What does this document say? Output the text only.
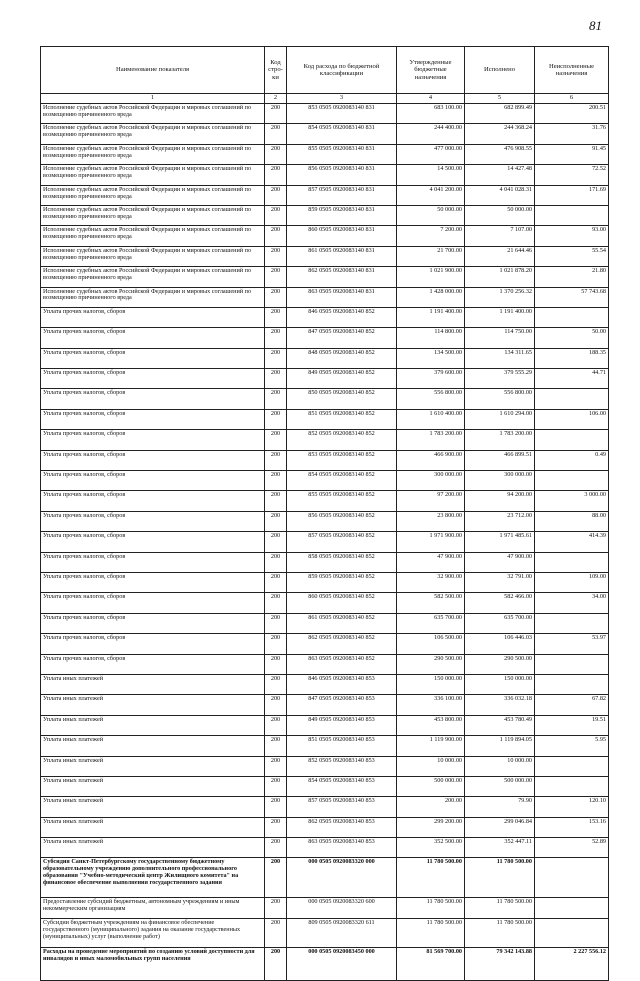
81
Наименование показателя	Код стро-ки	Код расхода по бюджетной классификации	Утвержденные бюджетные назначения	Исполнено	Неисполненные назначения
1	2	3	4	5	6
Исполнение судебных актов Российской Федерации и мировых соглашений по возмещению причиненного вреда	200	853 0505 0920083140 831	683 100.00	682 899.49	200.51
Исполнение судебных актов Российской Федерации и мировых соглашений по возмещению причиненного вреда	200	854 0505 0920083140 831	244 400.00	244 368.24	31.76
Исполнение судебных актов Российской Федерации и мировых соглашений по возмещению причиненного вреда	200	855 0505 0920083140 831	477 000.00	476 908.55	91.45
Исполнение судебных актов Российской Федерации и мировых соглашений по возмещению причиненного вреда	200	856 0505 0920083140 831	14 500.00	14 427.48	72.52
Исполнение судебных актов Российской Федерации и мировых соглашений по возмещению причиненного вреда	200	857 0505 0920083140 831	4 041 200.00	4 041 028.31	171.69
Исполнение судебных актов Российской Федерации и мировых соглашений по возмещению причиненного вреда	200	859 0505 0920083140 831	50 000.00	50 000.00	
Исполнение судебных актов Российской Федерации и мировых соглашений по возмещению причиненного вреда	200	860 0505 0920083140 831	7 200.00	7 107.00	93.00
Исполнение судебных актов Российской Федерации и мировых соглашений по возмещению причиненного вреда	200	861 0505 0920083140 831	21 700.00	21 644.46	55.54
Исполнение судебных актов Российской Федерации и мировых соглашений по возмещению причиненного вреда	200	862 0505 0920083140 831	1 021 900.00	1 021 878.20	21.80
Исполнение судебных актов Российской Федерации и мировых соглашений по возмещению причиненного вреда	200	863 0505 0920083140 831	1 428 000.00	1 370 256.32	57 743.68
Уплата прочих налогов, сборов	200	846 0505 0920083140 852	1 191 400.00	1 191 400.00	
Уплата прочих налогов, сборов	200	847 0505 0920083140 852	114 800.00	114 750.00	50.00
Уплата прочих налогов, сборов	200	848 0505 0920083140 852	134 500.00	134 311.65	188.35
Уплата прочих налогов, сборов	200	849 0505 0920083140 852	379 600.00	379 555.29	44.71
Уплата прочих налогов, сборов	200	850 0505 0920083140 852	556 800.00	556 800.00	
Уплата прочих налогов, сборов	200	851 0505 0920083140 852	1 610 400.00	1 610 294.00	106.00
Уплата прочих налогов, сборов	200	852 0505 0920083140 852	1 783 200.00	1 783 200.00	
Уплата прочих налогов, сборов	200	853 0505 0920083140 852	466 900.00	466 899.51	0.49
Уплата прочих налогов, сборов	200	854 0505 0920083140 852	300 000.00	300 000.00	
Уплата прочих налогов, сборов	200	855 0505 0920083140 852	97 200.00	94 200.00	3 000.00
Уплата прочих налогов, сборов	200	856 0505 0920083140 852	23 800.00	23 712.00	88.00
Уплата прочих налогов, сборов	200	857 0505 0920083140 852	1 971 900.00	1 971 485.61	414.39
Уплата прочих налогов, сборов	200	858 0505 0920083140 852	47 900.00	47 900.00	
Уплата прочих налогов, сборов	200	859 0505 0920083140 852	32 900.00	32 791.00	109.00
Уплата прочих налогов, сборов	200	860 0505 0920083140 852	582 500.00	582 466.00	34.00
Уплата прочих налогов, сборов	200	861 0505 0920083140 852	635 700.00	635 700.00	
Уплата прочих налогов, сборов	200	862 0505 0920083140 852	106 500.00	106 446.03	53.97
Уплата прочих налогов, сборов	200	863 0505 0920083140 852	290 500.00	290 500.00	
Уплата иных платежей	200	846 0505 0920083140 853	150 000.00	150 000.00	
Уплата иных платежей	200	847 0505 0920083140 853	336 100.00	336 032.18	67.82
Уплата иных платежей	200	849 0505 0920083140 853	453 800.00	453 780.49	19.51
Уплата иных платежей	200	851 0505 0920083140 853	1 119 900.00	1 119 894.05	5.95
Уплата иных платежей	200	852 0505 0920083140 853	10 000.00	10 000.00	
Уплата иных платежей	200	854 0505 0920083140 853	500 000.00	500 000.00	
Уплата иных платежей	200	857 0505 0920083140 853	200.00	79.90	120.10
Уплата иных платежей	200	862 0505 0920083140 853	299 200.00	299 046.84	153.16
Уплата иных платежей	200	863 0505 0920083140 853	352 500.00	352 447.11	52.89
Субсидия Санкт-Петербургскому государственному бюджетному образовательному учреждению дополнительного профессионального образования "Учебно-методический центр Жилищного комитета" на финансовое обеспечение выполнения государственного задания	200	000 0505 0920083320 000	11 780 500.00	11 780 500.00	
Предоставление субсидий бюджетным, автономным учреждениям и иным некоммерческим организациям	200	000 0505 0920083320 600	11 780 500.00	11 780 500.00	
Субсидии бюджетным учреждениям на финансовое обеспечение государственного (муниципального) задания на оказание государственных (муниципальных) услуг (выполнение работ)	200	809 0505 0920083320 611	11 780 500.00	11 780 500.00	
Расходы на проведение мероприятий по созданию условий доступности для инвалидов и иных маломобильных групп населения	200	000 0505 0920083450 000	81 569 700.00	79 342 143.88	2 227 556.12
